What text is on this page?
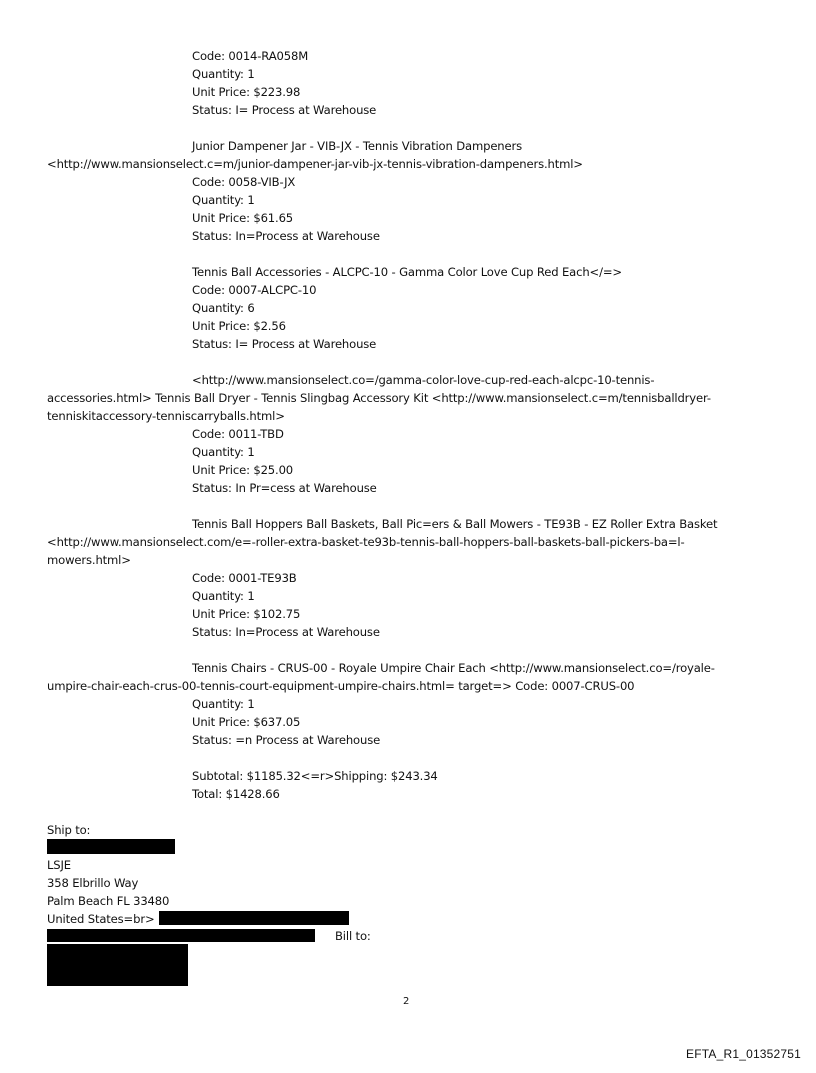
Code: 0014-RA058M
Quantity: 1
Unit Price: $223.98
Status: I= Process at Warehouse
Junior Dampener Jar - VIB-JX - Tennis Vibration Dampeners
<http://www.mansionselect.c=m/junior-dampener-jar-vib-jx-tennis-vibration-dampeners.html>
Code: 0058-VIB-JX
Quantity: 1
Unit Price: $61.65
Status: In=Process at Warehouse
Tennis Ball Accessories - ALCPC-10 - Gamma Color Love Cup Red Each</=>
Code: 0007-ALCPC-10
Quantity: 6
Unit Price: $2.56
Status: I= Process at Warehouse
<http://www.mansionselect.co=/gamma-color-love-cup-red-each-alcpc-10-tennis-
accessories.html> Tennis Ball Dryer - Tennis Slingbag Accessory Kit <http://www.mansionselect.c=m/tennisballdryer-
tenniskitaccessory-tenniscarryballs.html>
Code: 0011-TBD
Quantity: 1
Unit Price: $25.00
Status: In Pr=cess at Warehouse
Tennis Ball Hoppers Ball Baskets, Ball Pic=ers & Ball Mowers - TE93B - EZ Roller Extra Basket
<http://www.mansionselect.com/e=-roller-extra-basket-te93b-tennis-ball-hoppers-ball-baskets-ball-pickers-ba=l-
mowers.html>
Code: 0001-TE93B
Quantity: 1
Unit Price: $102.75
Status: In=Process at Warehouse
Tennis Chairs - CRUS-00 - Royale Umpire Chair Each <http://www.mansionselect.co=/royale-
umpire-chair-each-crus-00-tennis-court-equipment-umpire-chairs.html= target=> Code: 0007-CRUS-00
Quantity: 1
Unit Price: $637.05
Status: =n Process at Warehouse
Subtotal: $1185.32<=r>Shipping: $243.34
Total: $1428.66
Ship to:
LSJE
358 Elbrillo Way
Palm Beach FL 33480
United States=br>
Bill to:
2
EFTA_R1_01352751
